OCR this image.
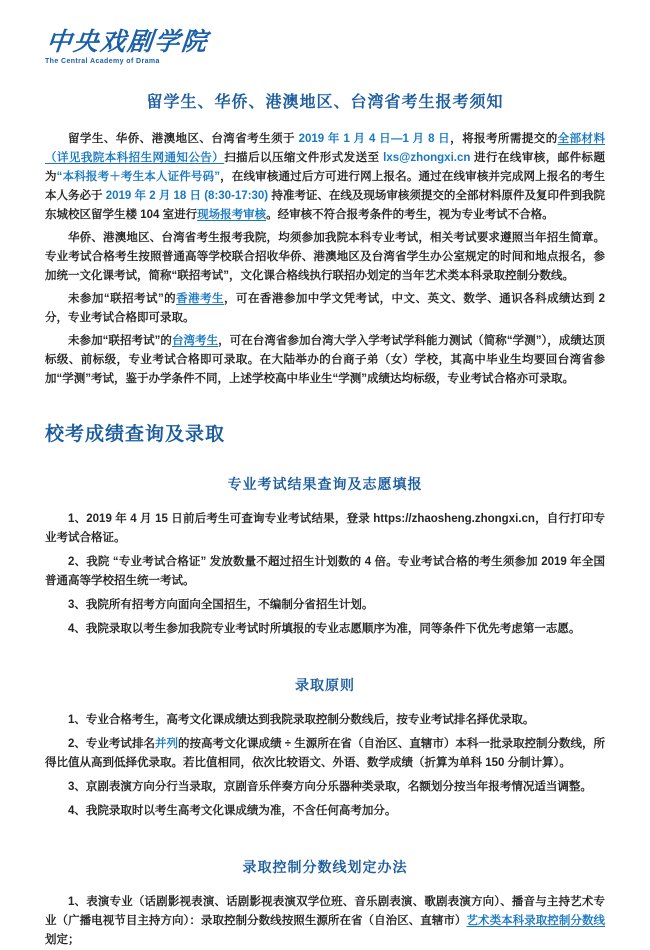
中央戏剧学院
The Central Academy of Drama
留学生、华侨、港澳地区、台湾省考生报考须知

留学生、华侨、港澳地区、台湾省考生须于 2019 年 1 月 4 日—1 月 8 日，将报考所需提交的全部材料（详见我院本科招生网通知公告）扫描后以压缩文件形式发送至 lxs@zhongxi.cn 进行在线审核，邮件标题为“本科报考＋考生本人证件号码”，在线审核通过后方可进行网上报名。通过在线审核并完成网上报名的考生本人务必于 2019 年 2 月 18 日 (8:30-17:30) 持准考证、在线及现场审核须提交的全部材料原件及复印件到我院东城校区留学生楼 104 室进行现场报考审核。经审核不符合报考条件的考生，视为专业考试不合格。

华侨、港澳地区、台湾省考生报考我院，均须参加我院本科专业考试，相关考试要求遵照当年招生简章。专业考试合格考生按照普通高等学校联合招收华侨、港澳地区及台湾省学生办公室规定的时间和地点报名，参加统一文化课考试，简称“联招考试”，文化课合格线执行联招办划定的当年艺术类本科录取控制分数线。

未参加“联招考试”的香港考生，可在香港参加中学文凭考试，中文、英文、数学、通识各科成绩达到 2 分，专业考试合格即可录取。

未参加“联招考试”的台湾考生，可在台湾省参加台湾大学入学考试学科能力测试（简称“学测”），成绩达顶标级、前标级，专业考试合格即可录取。在大陆举办的台商子弟（女）学校，其高中毕业生均要回台湾省参加“学测”考试，鉴于办学条件不同，上述学校高中毕业生“学测”成绩达均标级，专业考试合格亦可录取。

校考成绩查询及录取
专业考试结果查询及志愿填报

1、2019 年 4 月 15 日前后考生可查询专业考试结果，登录 https://zhaosheng.zhongxi.cn，自行打印专业考试合格证。

2、我院 “专业考试合格证” 发放数量不超过招生计划数的 4 倍。专业考试合格的考生须参加 2019 年全国普通高等学校招生统一考试。

3、我院所有招考方向面向全国招生，不编制分省招生计划。

4、我院录取以考生参加我院专业考试时所填报的专业志愿顺序为准，同等条件下优先考虑第一志愿。

录取原则

1、专业合格考生，高考文化课成绩达到我院录取控制分数线后，按专业考试排名择优录取。

2、专业考试排名并列的按高考文化课成绩 ÷ 生源所在省（自治区、直辖市）本科一批录取控制分数线，所得比值从高到低择优录取。若比值相同，依次比较语文、外语、数学成绩（折算为单科 150 分制计算）。

3、京剧表演方向分行当录取，京剧音乐伴奏方向分乐器种类录取，名额划分按当年报考情况适当调整。

4、我院录取时以考生高考文化课成绩为准，不含任何高考加分。

录取控制分数线划定办法

1、表演专业（话剧影视表演、话剧影视表演双学位班、音乐剧表演、歌剧表演方向）、播音与主持艺术专业（广播电视节目主持方向）：录取控制分数线按照生源所在省（自治区、直辖市）艺术类本科录取控制分数线划定；
